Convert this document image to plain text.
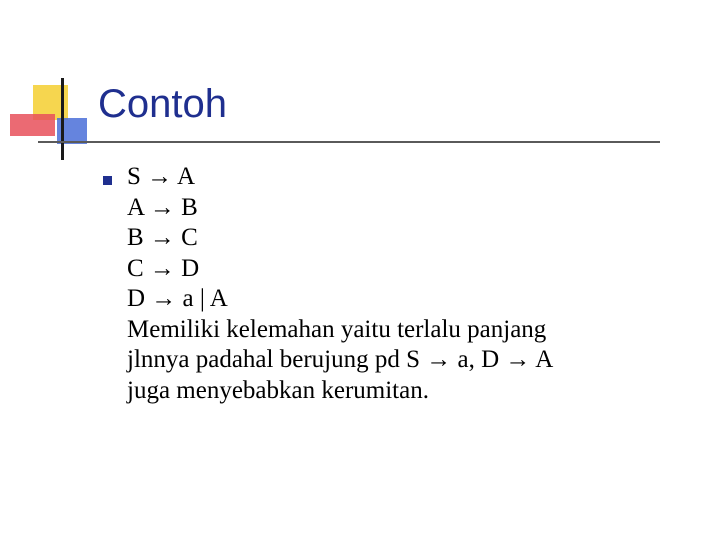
Contoh
S → A
A → B
B → C
C → D
D → a | A
Memiliki kelemahan yaitu terlalu panjang
jlnnya padahal berujung pd S → a, D → A
juga menyebabkan kerumitan.
